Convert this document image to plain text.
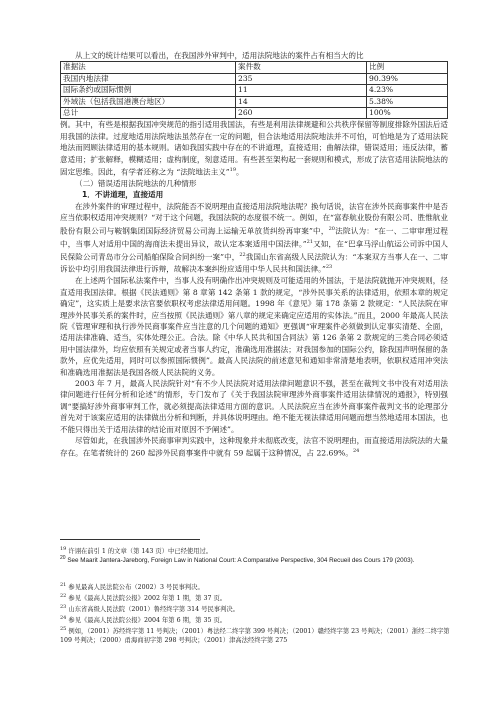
从上文的统计结果可以看出，在我国涉外审判中，适用法院地法的案件占有相当大的比

准据法	案件数	比例
我国内地法律	235	90.39%
国际条约或国际惯例	11	4.23%
外域法（包括我国港澳台地区）	14	5.38%
总计	260	100%

例。其中，有些是根据我国冲突规范的指引适用我国法，有些是利用法律规避和公共秩序保留等制度排除外国法后适用我国的法律。过度地适用法院地法虽然存在一定的问题，但合法地适用法院地法并不可怕，可怕地是为了适用法院地法而罔顾法律适用的基本规则。诸如我国实践中存在的不讲道理，直接适用；曲解法律，错误适用；违反法律，蓄意适用；扩张解释，模糊适用；虚构制度，刻意适用。有些甚至架构起一套规则和模式，形成了法官适用法院地法的固定思维。因此，有学者还称之为 “法院地法主义”$^{19}$。

（二）错误适用法院地法的几种情形

1．不讲道理，直接适用

在涉外案件的审理过程中，法院能否不说明理由直接适用法院地法呢？换句话说，法官在涉外民商事案件中是否应当依职权适用冲突规则？“对于这个问题，我国法院的态度很不统一。例如，在“富春航业股份有限公司、胜惟航业股份有限公司与鞍钢集团国际经济贸易公司海上运输无单放货纠纷再审案”中，$^{20}$法院认为：“在一、二审审理过程中，当事人对适用中国的海商法未提出异议，故认定本案适用中国法律。”$^{21}$又如，在“巴拿马浮山航运公司诉中国人民保险公司青岛市分公司船舶保险合同纠纷一案”中，$^{22}$我国山东省高级人民法院认为：“本案双方当事人在一、二审诉讼中均引用我国法律进行诉辩，故解决本案纠纷应适用中华人民共和国法律。”$^{23}$

在上述两个国际私法案件中，当事人没有明确作出冲突规则及可能适用的外国法，于是法院就抛开冲突规则，径直适用我国法律。根据《民法通则》第 8 章第 142 条第 1 款的规定，“涉外民事关系的法律适用，依照本章的规定确定”，这实质上是要求法官要依职权考虑法律适用问题。1998 年《意见》第 178 条第 2 款规定：“人民法院在审理涉外民事关系的案件时，应当按照《民法通则》第八章的规定来确定应适用的实体法。”而且，2000 年最高人民法院《管理审理和执行涉外民商事案件应当注意的几个问题的通知》更强调“审理案件必须做到认定事实清楚、全面，适用法律准确、适当，实体处理公正。合法。除《中华人民共和国合同法》第 126 条第 2 款规定的三类合同必须适用中国法律外，均应依照有关规定或者当事人约定，准确选用准据法；对我国参加的国际公约，除我国声明保留的条款外，应优先适用，同时可以参照国际惯例”。最高人民法院的前述意见和通知非常清楚地表明，依职权适用冲突法和准确选用准据法是我国各级人民法院的义务。

2003 年 7 月，最高人民法院针对“有不少人民法院对适用法律问题意识不强，甚至在裁判文书中没有对适用法律问题进行任何分析和论述”的情形，专门发布了《关于我国法院审理涉外商事案件适用法律情况的通报》，特别强调“要搞好涉外商事审判工作，就必须提高法律适用方面的意识。人民法院应当在涉外商事案件裁判文书的论理部分首先对于该案应适用的法律做出分析和判断，并具体说明理由。绝不能无视法律适用问题而想当然地适用本国法，也不能只得出关于适用法律的结论而对原因不予阐述”。

尽管如此，在我国涉外民商事审判实践中，这种现象并未彻底改变，法官不说明理由，而直接适用法院法的大量存在。在笔者统计的 260 起涉外民商事案件中就有 59 起属于这种情况，占 22.69%。$^{24}$

$^{19}$ 许诩在前引 1 的文章（第 143 页）中已经使用过。

$^{20}$ See Maarit Jantera-Jareborg, Foreign Law in National Court: A Comparative Perspective, 304 Recueil des Cours 179 (2003).

$^{21}$ 参见最高人民法院公布（2002）3 号民事判决。

$^{22}$ 参见《最高人民法院公报》2002 年第 1 期，第 37 页。

$^{23}$ 山东省高级人民法院（2001）鲁经终字第 314 号民事判决。

$^{24}$ 参见《最高人民法院公报》2004 年第 6 期，第 35 页。

$^{25}$ 例如，（2001）苏经终字第 11 号判决；（2001）粤法经二终字第 399 号判决；（2001）赣经终字第 23 号判决；（2001）浙经二终字第 109 号判决；（2000）甬海商初字第 298 号判决；（2001）津高法经终字第 275
